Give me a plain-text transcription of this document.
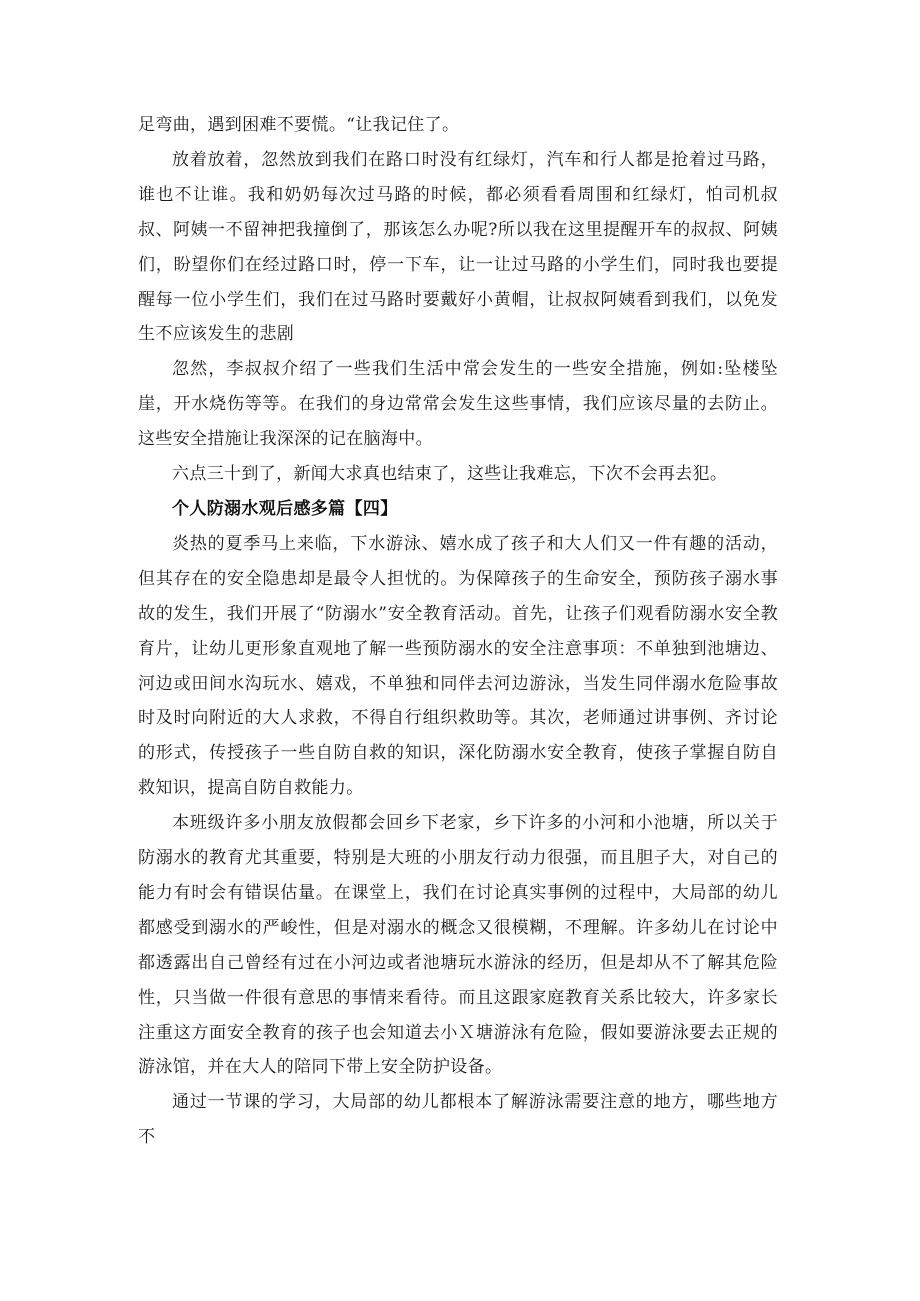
足弯曲，遇到困难不要慌。“让我记住了。

放着放着，忽然放到我们在路口时没有红绿灯，汽车和行人都是抢着过马路，谁也不让谁。我和奶奶每次过马路的时候，都必须看看周围和红绿灯，怕司机叔叔、阿姨一不留神把我撞倒了，那该怎么办呢?所以我在这里提醒开车的叔叔、阿姨们，盼望你们在经过路口时，停一下车，让一让过马路的小学生们，同时我也要提醒每一位小学生们，我们在过马路时要戴好小黄帽，让叔叔阿姨看到我们，以免发生不应该发生的悲剧

忽然，李叔叔介绍了一些我们生活中常会发生的一些安全措施，例如:坠楼坠崖，开水烧伤等等。在我们的身边常常会发生这些事情，我们应该尽量的去防止。这些安全措施让我深深的记在脑海中。

六点三十到了，新闻大求真也结束了，这些让我难忘，下次不会再去犯。

个人防溺水观后感多篇【四】

炎热的夏季马上来临，下水游泳、嬉水成了孩子和大人们又一件有趣的活动，但其存在的安全隐患却是最令人担忧的。为保障孩子的生命安全，预防孩子溺水事故的发生，我们开展了“防溺水”安全教育活动。首先，让孩子们观看防溺水安全教育片，让幼儿更形象直观地了解一些预防溺水的安全注意事项：不单独到池塘边、河边或田间水沟玩水、嬉戏，不单独和同伴去河边游泳，当发生同伴溺水危险事故时及时向附近的大人求救，不得自行组织救助等。其次，老师通过讲事例、齐讨论的形式，传授孩子一些自防自救的知识，深化防溺水安全教育，使孩子掌握自防自救知识，提高自防自救能力。

本班级许多小朋友放假都会回乡下老家，乡下许多的小河和小池塘，所以关于防溺水的教育尤其重要，特别是大班的小朋友行动力很强，而且胆子大，对自己的能力有时会有错误估量。在课堂上，我们在讨论真实事例的过程中，大局部的幼儿都感受到溺水的严峻性，但是对溺水的概念又很模糊，不理解。许多幼儿在讨论中都透露出自己曾经有过在小河边或者池塘玩水游泳的经历，但是却从不了解其危险性，只当做一件很有意思的事情来看待。而且这跟家庭教育关系比较大，许多家长注重这方面安全教育的孩子也会知道去小Ｘ塘游泳有危险，假如要游泳要去正规的游泳馆，并在大人的陪同下带上安全防护设备。

通过一节课的学习，大局部的幼儿都根本了解游泳需要注意的地方，哪些地方不
